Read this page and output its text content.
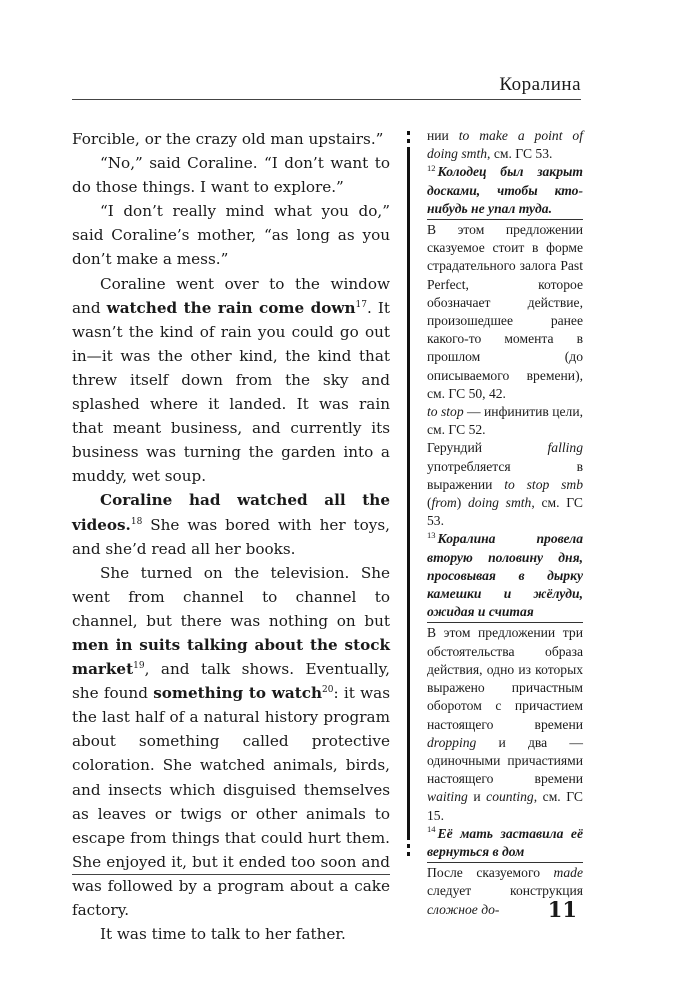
Коралина

Forcible, or the crazy old man upstairs.”

“No,” said Coraline. “I don’t want to do those things. I want to explore.”

“I don’t really mind what you do,” said Coraline’s mother, “as long as you don’t make a mess.”

Coraline went over to the window and watched the rain come down$^{17}$. It wasn’t the kind of rain you could go out in—it was the other kind, the kind that threw itself down from the sky and splashed where it landed. It was rain that meant business, and currently its business was turning the garden into a muddy, wet soup.

Coraline had watched all the videos.$^{18}$ She was bored with her toys, and she’d read all her books.

She turned on the television. She went from channel to channel to channel, but there was nothing on but men in suits talking about the stock market$^{19}$, and talk shows. Eventually, she found something to watch$^{20}$: it was the last half of a natural history program about something called protective coloration. She watched animals, birds, and insects which disguised themselves as leaves or twigs or other animals to escape from things that could hurt them. She enjoyed it, but it ended too soon and was followed by a program about a cake factory.

It was time to talk to her father.

нии to make a point of doing smth, см. ГС 53.

$^{12}$ Колодец был закрыт досками, чтобы кто-нибудь не упал туда.

В этом предложении сказуемое стоит в форме страдательного залога Past Perfect, которое обозначает действие, произошедшее ранее какого-то момента в прошлом (до описываемого времени), см. ГС 50, 42.

to stop — инфинитив цели, см. ГС 52.

Герундий falling употребляется в выражении to stop smb (from) doing smth, см. ГС 53.

$^{13}$ Коралина провела вторую половину дня, просовывая в дырку камешки и жёлуди, ожидая и считая

В этом предложении три обстоятельства образа действия, одно из которых выражено причастным оборотом с причастием настоящего времени dropping и два — одиночными причастиями настоящего времени waiting и counting, см. ГС 15.

$^{14}$ Её мать заставила её вернуться в дом

После сказуемого made следует конструкция сложное до-	11
